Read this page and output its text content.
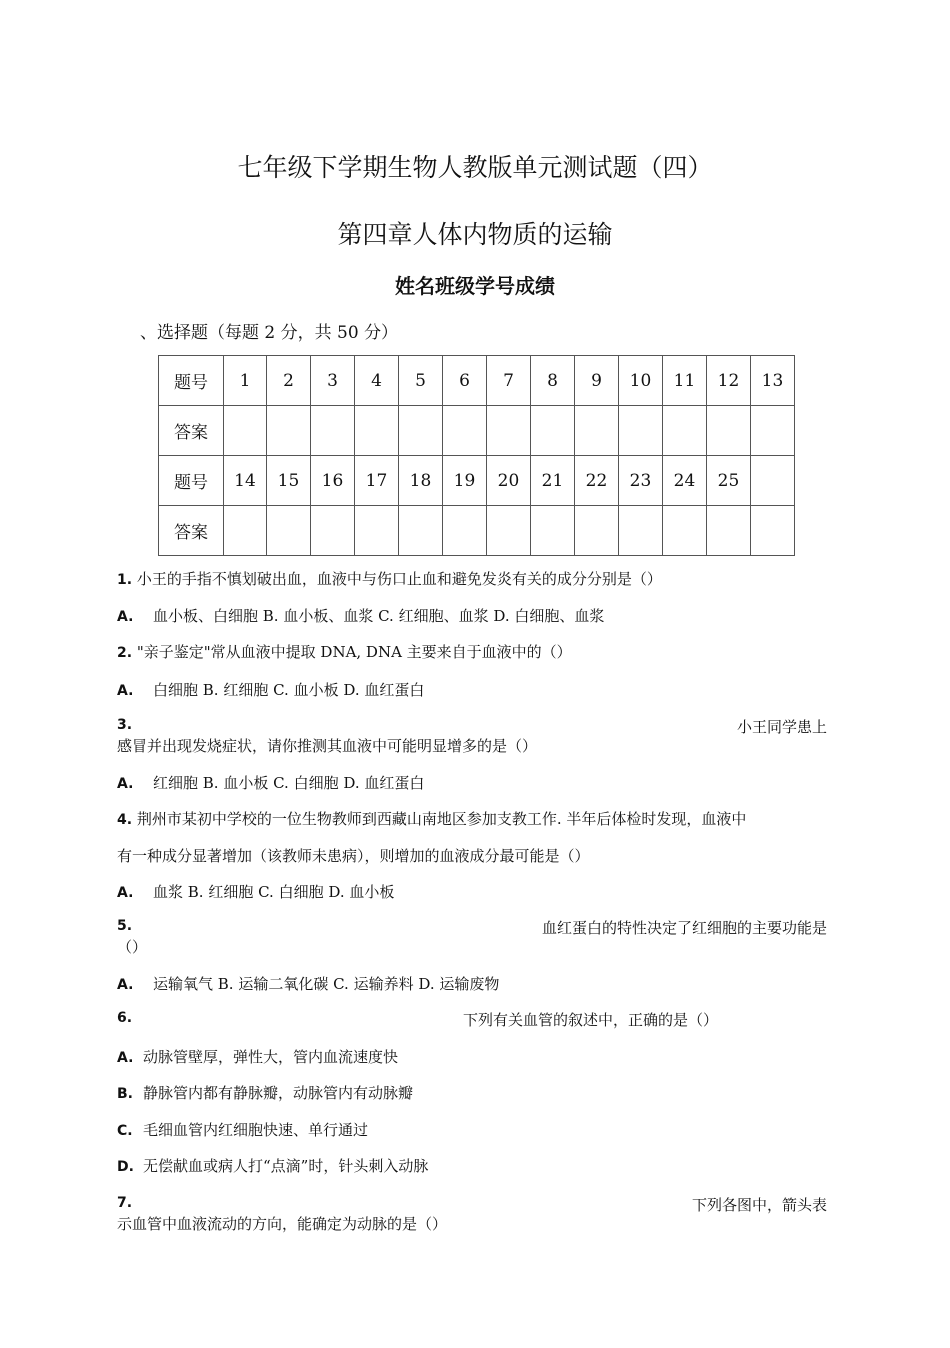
七年级下学期生物人教版单元测试题（四）
第四章人体内物质的运输
姓名班级学号成绩
、选择题（每题 2 分，共 50 分）
题号	1	2	3	4	5	6	7	8	9	10	11	12	13
答案													
题号	14	15	16	17	18	19	20	21	22	23	24	25	
答案													
1. 小王的手指不慎划破出血，血液中与伤口止血和避免发炎有关的成分分别是（）
A. 血小板、白细胞 B. 血小板、血浆 C. 红细胞、血浆 D. 白细胞、血浆
2. "亲子鉴定"常从血液中提取 DNA, DNA 主要来自于血液中的（）
A. 白细胞 B. 红细胞 C. 血小板 D. 血红蛋白
3.	小王同学患上
感冒并出现发烧症状，请你推测其血液中可能明显增多的是（）
A. 红细胞 B. 血小板 C. 白细胞 D. 血红蛋白
4. 荆州市某初中学校的一位生物教师到西藏山南地区参加支教工作. 半年后体检时发现，血液中
有一种成分显著增加（该教师未患病），则增加的血液成分最可能是（）
A. 血浆 B. 红细胞 C. 白细胞 D. 血小板
5.	血红蛋白的特性决定了红细胞的主要功能是
（）
A. 运输氧气 B. 运输二氧化碳 C. 运输养料 D. 运输废物
6.	下列有关血管的叙述中，正确的是（）
A. 动脉管壁厚，弹性大，管内血流速度快
B. 静脉管内都有静脉瓣，动脉管内有动脉瓣
C. 毛细血管内红细胞快速、单行通过
D. 无偿献血或病人打“点滴”时，针头刺入动脉
7.	下列各图中，箭头表
示血管中血液流动的方向，能确定为动脉的是（）
